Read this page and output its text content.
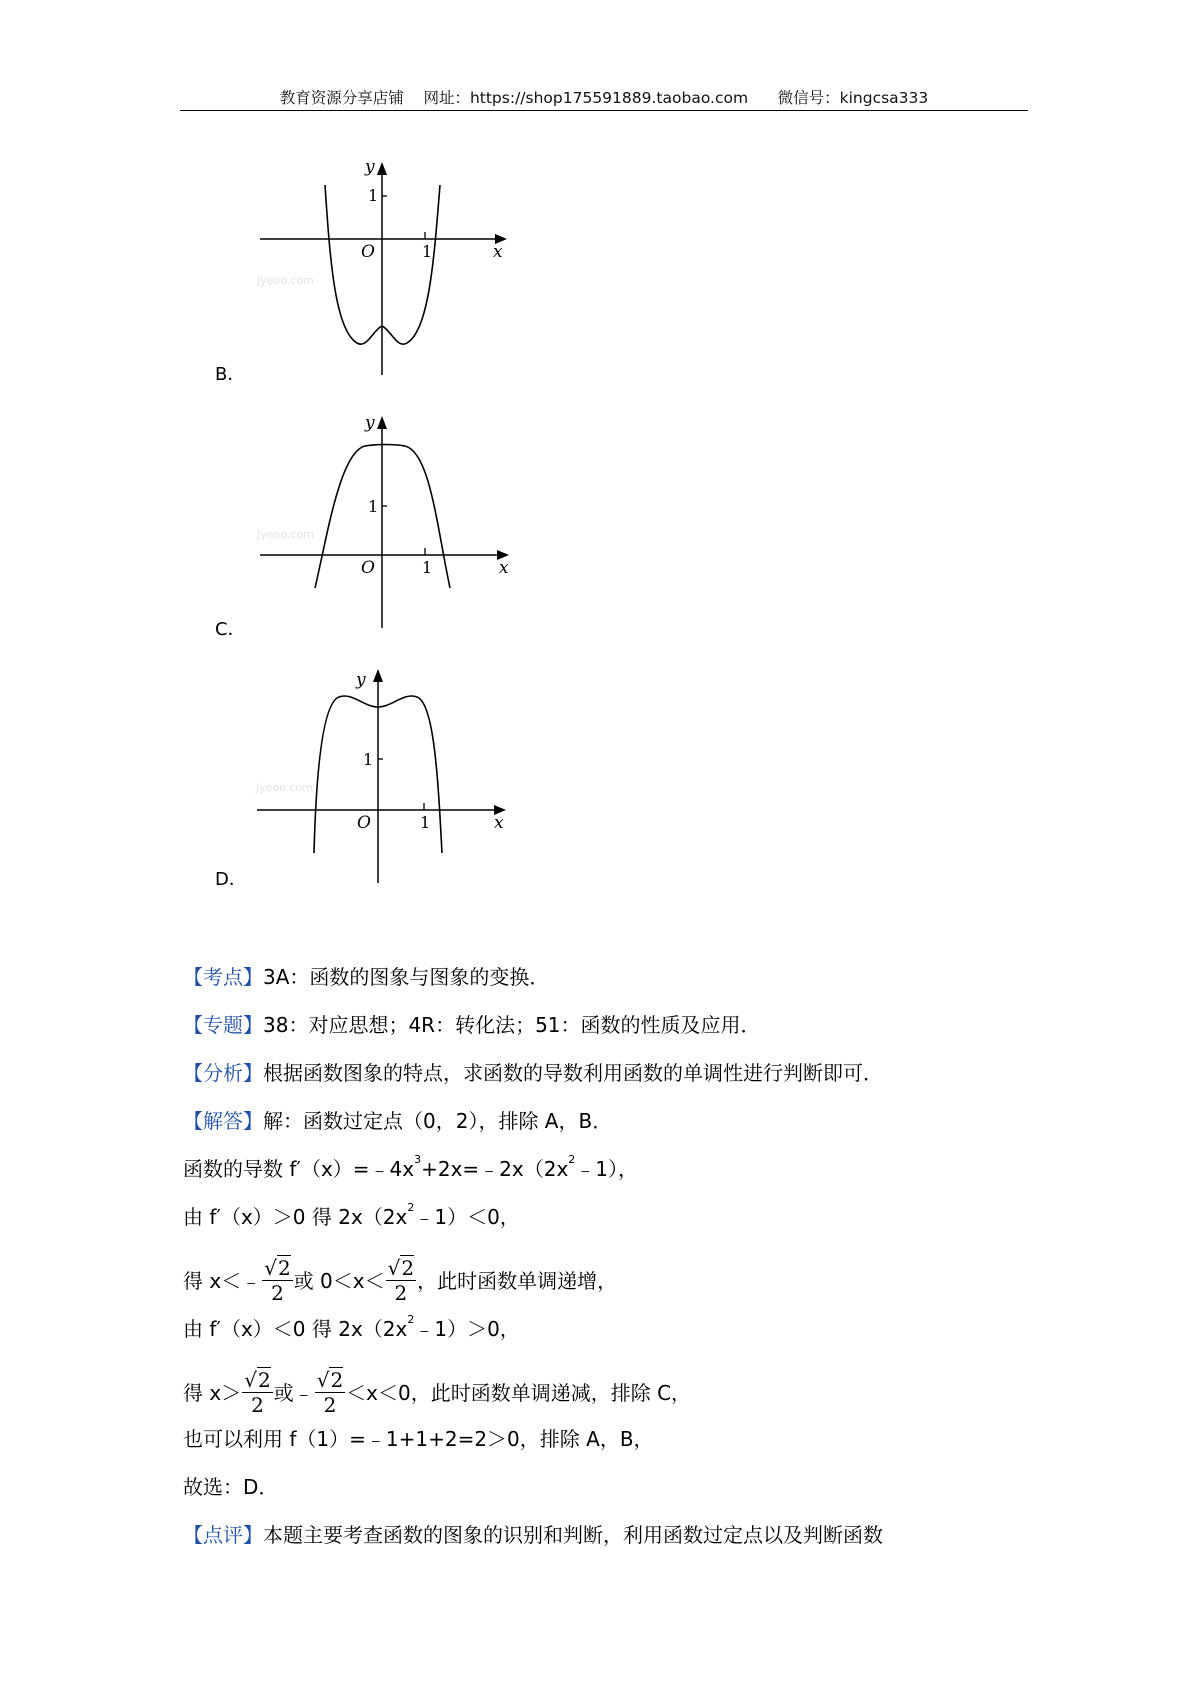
教育资源分享店铺    网址：https://shop175591889.taobao.com      微信号：kingcsa333
Jyeoo.com
y
1
O	1	x
B．
Jyeoo.com
y
1
O	1	x
C．
Jyeoo.com
y
1
O	1	x
D．
【考点】3A：函数的图象与图象的变换．
【专题】38：对应思想；4R：转化法；51：函数的性质及应用．
【分析】根据函数图象的特点，求函数的导数利用函数的单调性进行判断即可．
【解答】解：函数过定点（0，2），排除 A，B．
函数的导数 $f'(x)=﹣4x^3+2x=﹣2x(2x^2﹣1)$，
由 f′（x）＞0 得 $2x(2x^2﹣1)<0$，
得 x＜﹣ $\frac{√2}{2}$ 或 $0<x< \frac{√2}{2}$ ，此时函数单调递增，
由 f′（x）＜0 得 $2x(2x^2﹣1)>0$，
得 $x> \frac{√2}{2}$ 或﹣ $\frac{√2}{2} <x<0$，此时函数单调递减，排除 C，
也可以利用 f（1）=﹣1+1+2=2＞0，排除 A，B，
故选：D．
【点评】本题主要考查函数的图象的识别和判断，利用函数过定点以及判断函数
